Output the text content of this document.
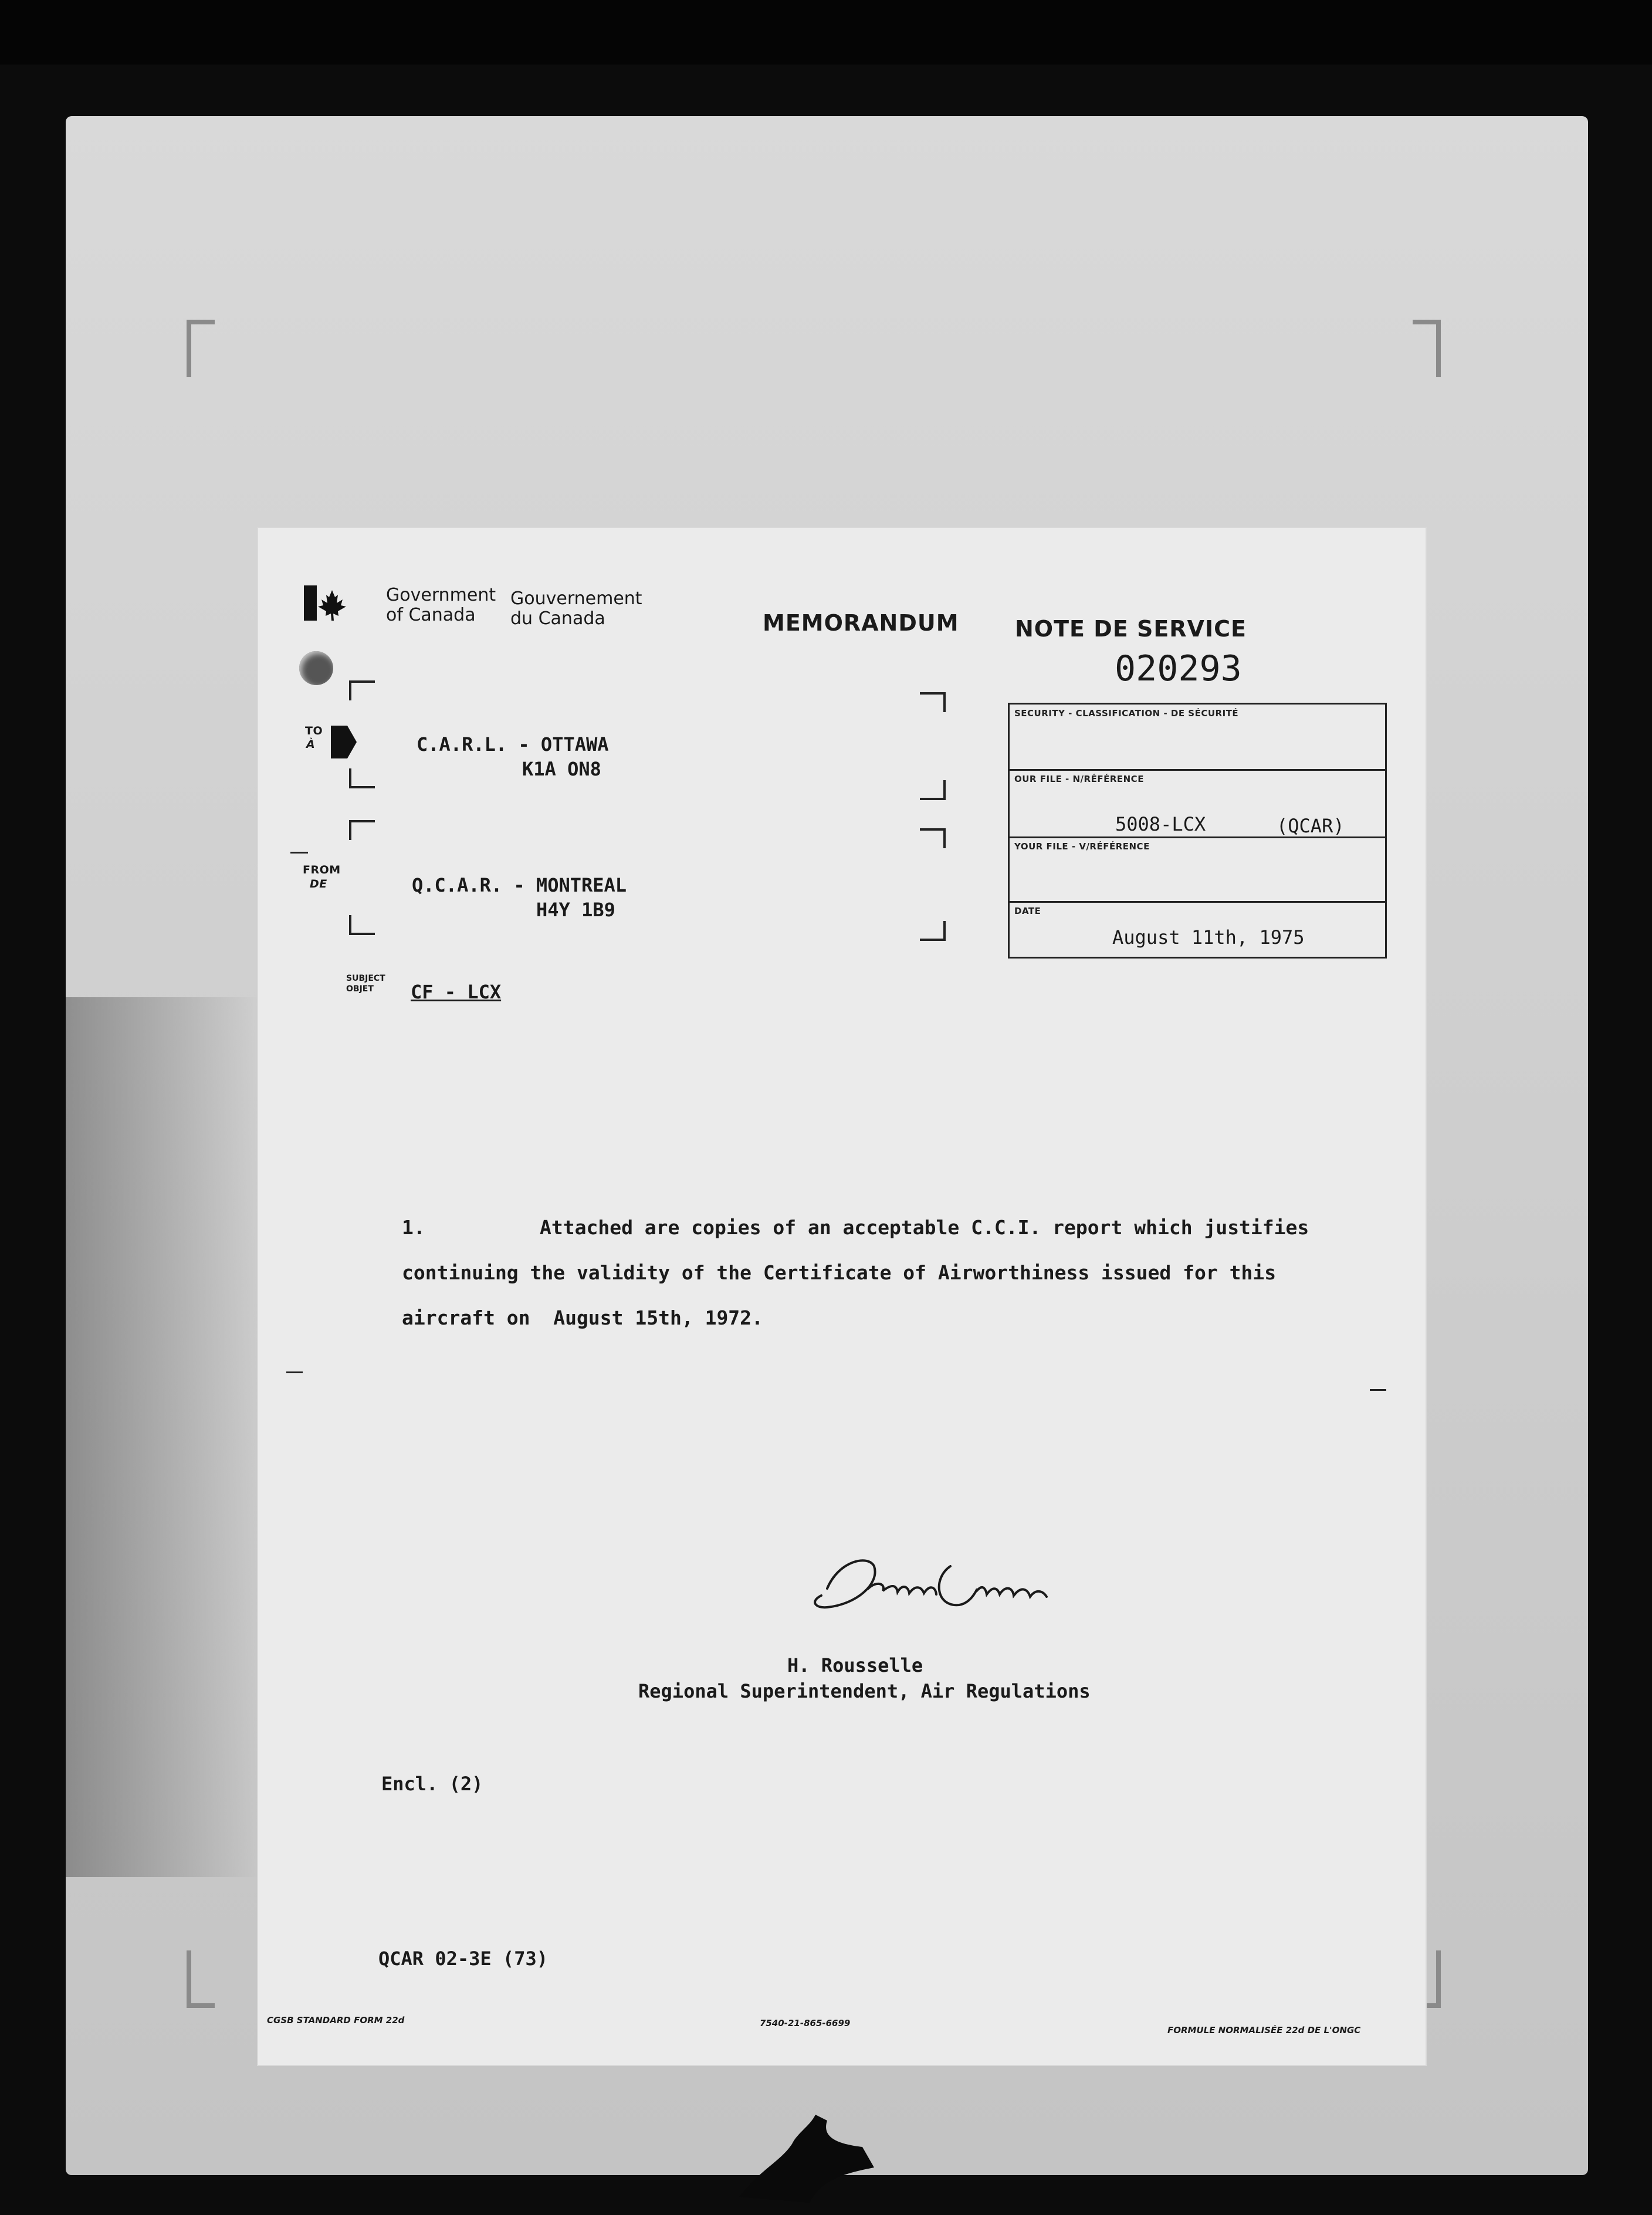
Government
of Canada
Gouvernement
du Canada	MEMORANDUM	NOTE DE SERVICE
020293
TO
À	C.A.R.L. - OTTAWA
K1A ON8
FROM
DE	Q.C.A.R. - MONTREAL
H4Y 1B9
SUBJECT
OBJET CF - LCX
SECURITY - CLASSIFICATION - DE SÉCURITÉ
OUR FILE - N/RÉFÉRENCE
5008-LCX	(QCAR)
YOUR FILE - V/RÉFÉRENCE
DATE
August 11th, 1975
1.	Attached are copies of an acceptable C.C.I. report which justifies
continuing the validity of the Certificate of Airworthiness issued for this
aircraft on August 15th, 1972.
H. Rousselle
Regional Superintendent, Air Regulations
Encl. (2)
QCAR 02-3E (73)
CGSB STANDARD FORM 22d	7540-21-865-6699
FORMULE NORMALISÉE 22d DE L'ONGC
